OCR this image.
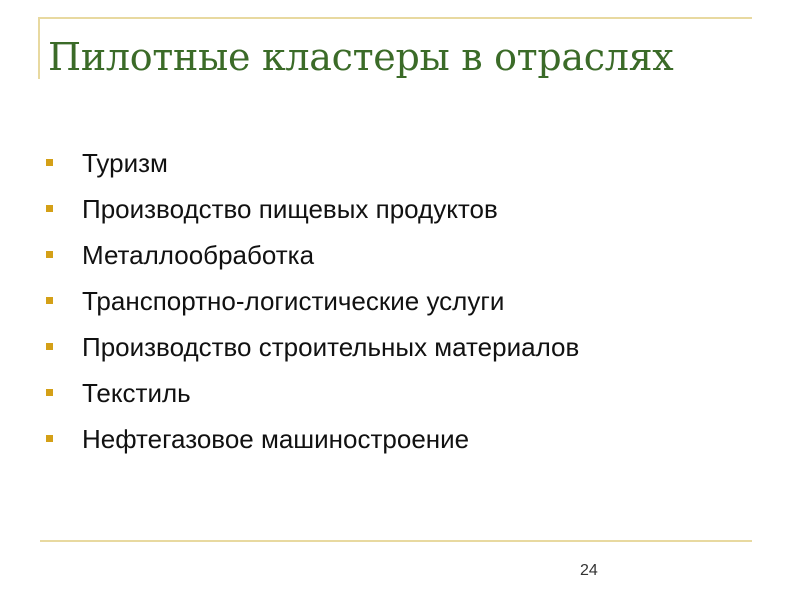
Пилотные кластеры в отраслях
Туризм
Производство пищевых продуктов
Металлообработка
Транспортно-логистические услуги
Производство строительных материалов
Текстиль
Нефтегазовое машиностроение
24
